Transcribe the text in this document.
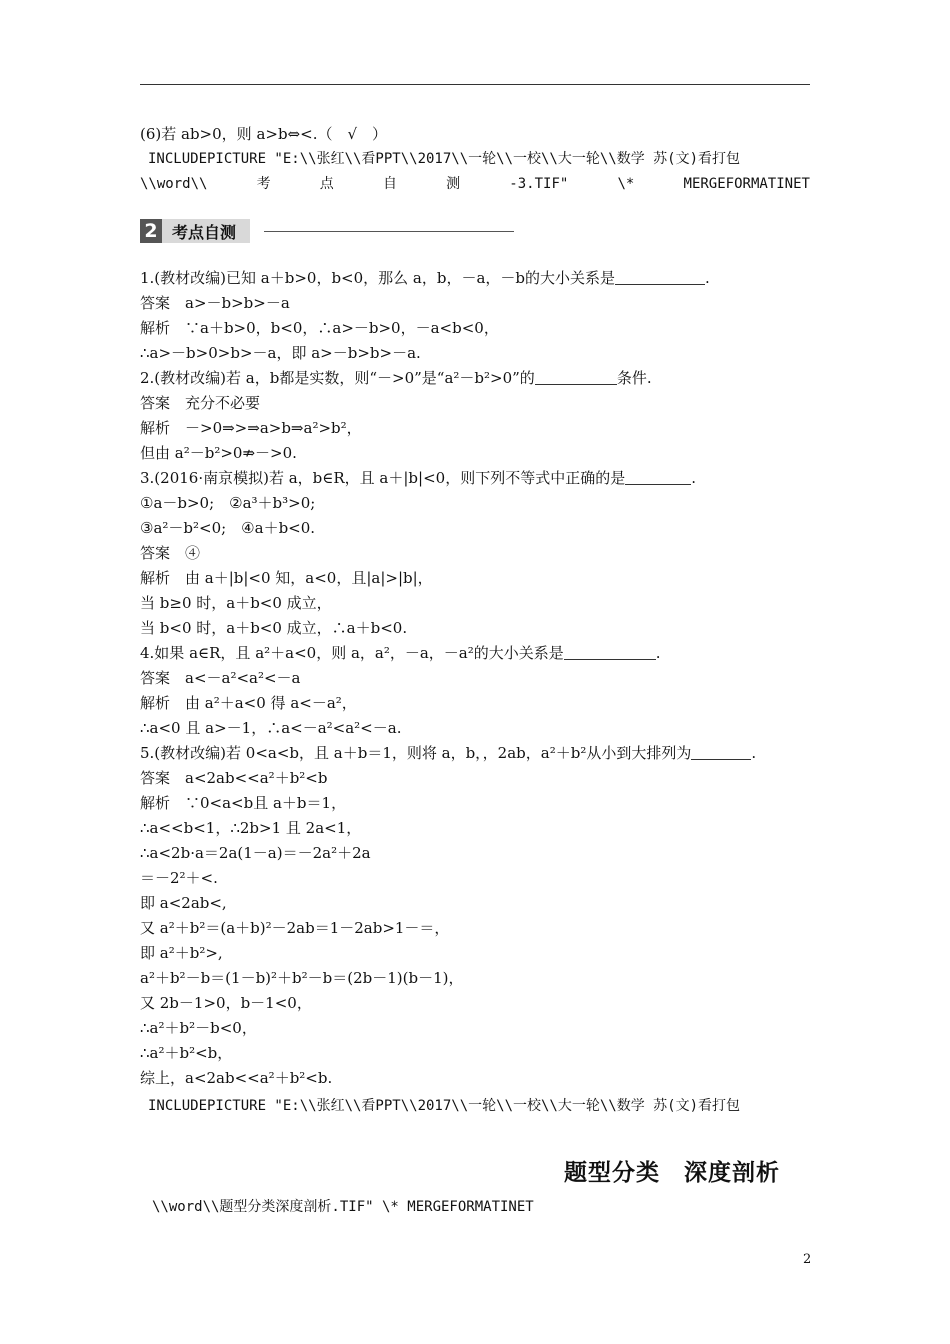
(6)若 ab>0，则 a>b⇔<.（　√　）
INCLUDEPICTURE "E:\\张红\\看PPT\\2017\\一轮\\一校\\大一轮\\数学 苏(文)看打包
\\word\\	考	点	自	测	-3.TIF"	\*	MERGEFORMATINET
2 考点自测
1.(教材改编)已知 a＋b>0，b<0，那么 a，b，－a，－b的大小关系是	.
答案　a>－b>b>－a
解析　∵a＋b>0，b<0，∴a>－b>0，－a<b<0，
∴a>－b>0>b>－a，即 a>－b>b>－a.
2.(教材改编)若 a，b都是实数，则“－>0”是“a²－b²>0”的	条件.
答案　充分不必要
解析　－>0⇒>⇒a>b⇒a²>b²，
但由 a²－b²>0⇏－>0.
3.(2016·南京模拟)若 a，b∈R，且 a＋|b|<0，则下列不等式中正确的是	.
①a－b>0;　②a³＋b³>0;
③a²－b²<0;　④a＋b<0.
答案　④
解析　由 a＋|b|<0 知，a<0，且|a|>|b|，
当 b≥0 时，a＋b<0 成立，
当 b<0 时，a＋b<0 成立，∴a＋b<0.
4.如果 a∈R，且 a²＋a<0，则 a，a²，－a，－a²的大小关系是	.
答案　a<－a²<a²<－a
解析　由 a²＋a<0 得 a<－a²，
∴a<0 且 a>－1，∴a<－a²<a²<－a.
5.(教材改编)若 0<a<b，且 a＋b＝1，则将 a，b，，2ab，a²＋b²从小到大排列为	.
答案　a<2ab<<a²＋b²<b
解析　∵0<a<b且 a＋b＝1，
∴a<<b<1，∴2b>1 且 2a<1，
∴a<2b·a＝2a(1－a)＝－2a²＋2a
＝－2²＋<.
即 a<2ab<,
又 a²＋b²＝(a＋b)²－2ab＝1－2ab>1－＝，
即 a²＋b²>,
a²＋b²－b＝(1－b)²＋b²－b＝(2b－1)(b－1)，
又 2b－1>0，b－1<0，
∴a²＋b²－b<0，
∴a²＋b²<b，
综上，a<2ab<<a²＋b²<b.
INCLUDEPICTURE "E:\\张红\\看PPT\\2017\\一轮\\一校\\大一轮\\数学 苏(文)看打包
题型分类　深度剖析
\\word\\题型分类深度剖析.TIF" \* MERGEFORMATINET
2
